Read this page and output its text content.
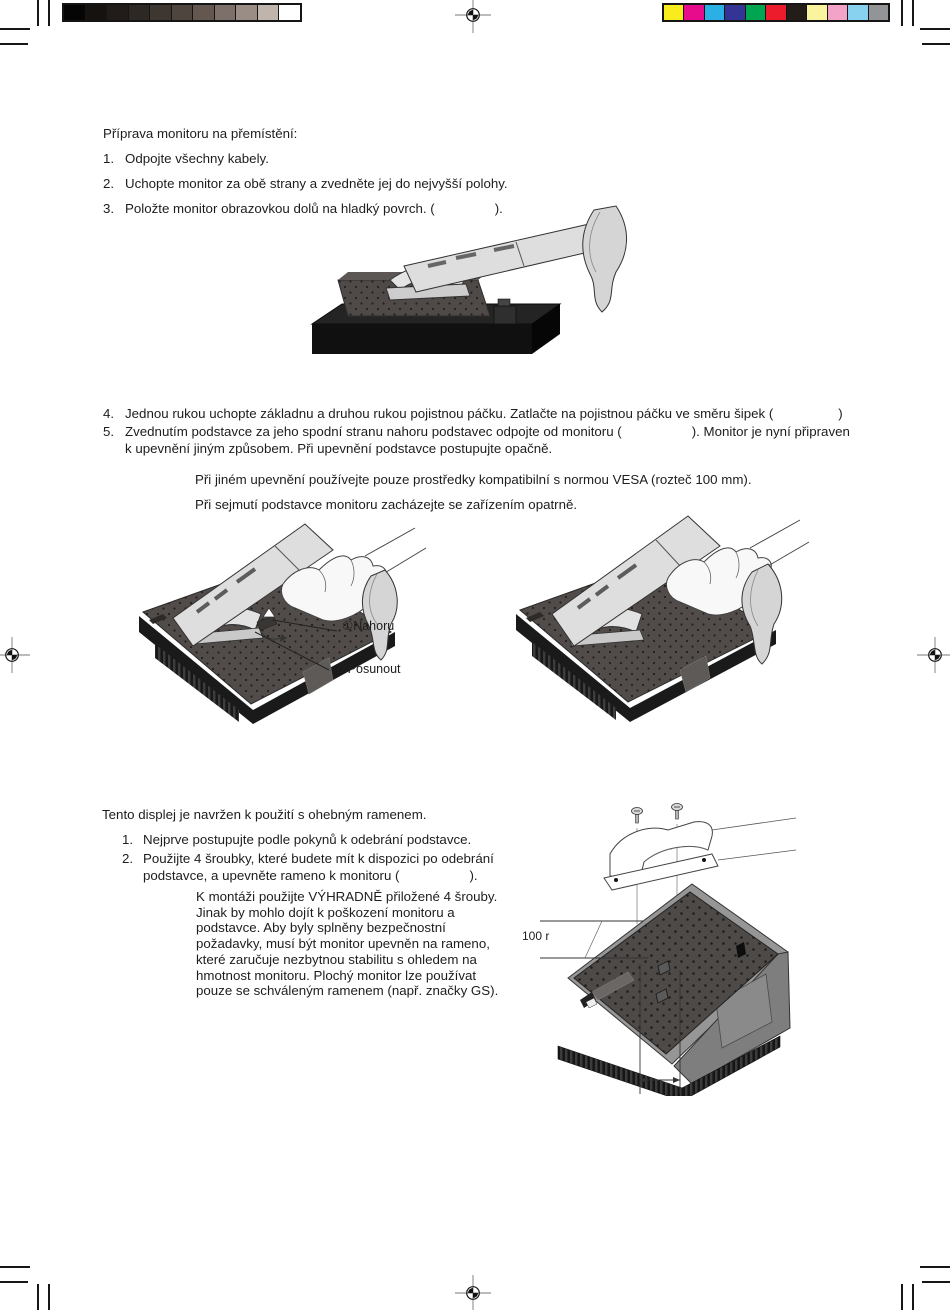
Příprava monitoru na přemístění:
1. Odpojte všechny kabely.
2. Uchopte monitor za obě strany a zvedněte jej do nejvyšší polohy.
3. Položte monitor obrazovkou dolů na hladký povrch. (	).
4. Jednou rukou uchopte základnu a druhou rukou pojistnou páčku. Zatlačte na pojistnou páčku ve směru šipek (	)
5. Zvednutím podstavce za jeho spodní stranu nahoru podstavec odpojte od monitoru (	). Monitor je nyní připraven
k upevnění jiným způsobem. Při upevnění podstavce postupujte opačně.
Při jiném upevnění používejte pouze prostředky kompatibilní s normou VESA (rozteč 100 mm).
Při sejmutí podstavce monitoru zacházejte se zařízením opatrně.
①Nahoru
② Posunout
Tento displej je navržen k použití s ohebným ramenem.
1. Nejprve postupujte podle pokynů k odebrání podstavce.
2. Použijte 4 šroubky, které budete mít k dispozici po odebrání
podstavce, a upevněte rameno k monitoru (	).
K montáži použijte VÝHRADNĚ přiložené 4 šrouby.
Jinak by mohlo dojít k poškození monitoru a
podstavce. Aby byly splněny bezpečnostní
požadavky, musí být monitor upevněn na rameno,
které zaručuje nezbytnou stabilitu s ohledem na
hmotnost monitoru. Plochý monitor lze používat
pouze se schváleným ramenem (např. značky GS).
100 r
